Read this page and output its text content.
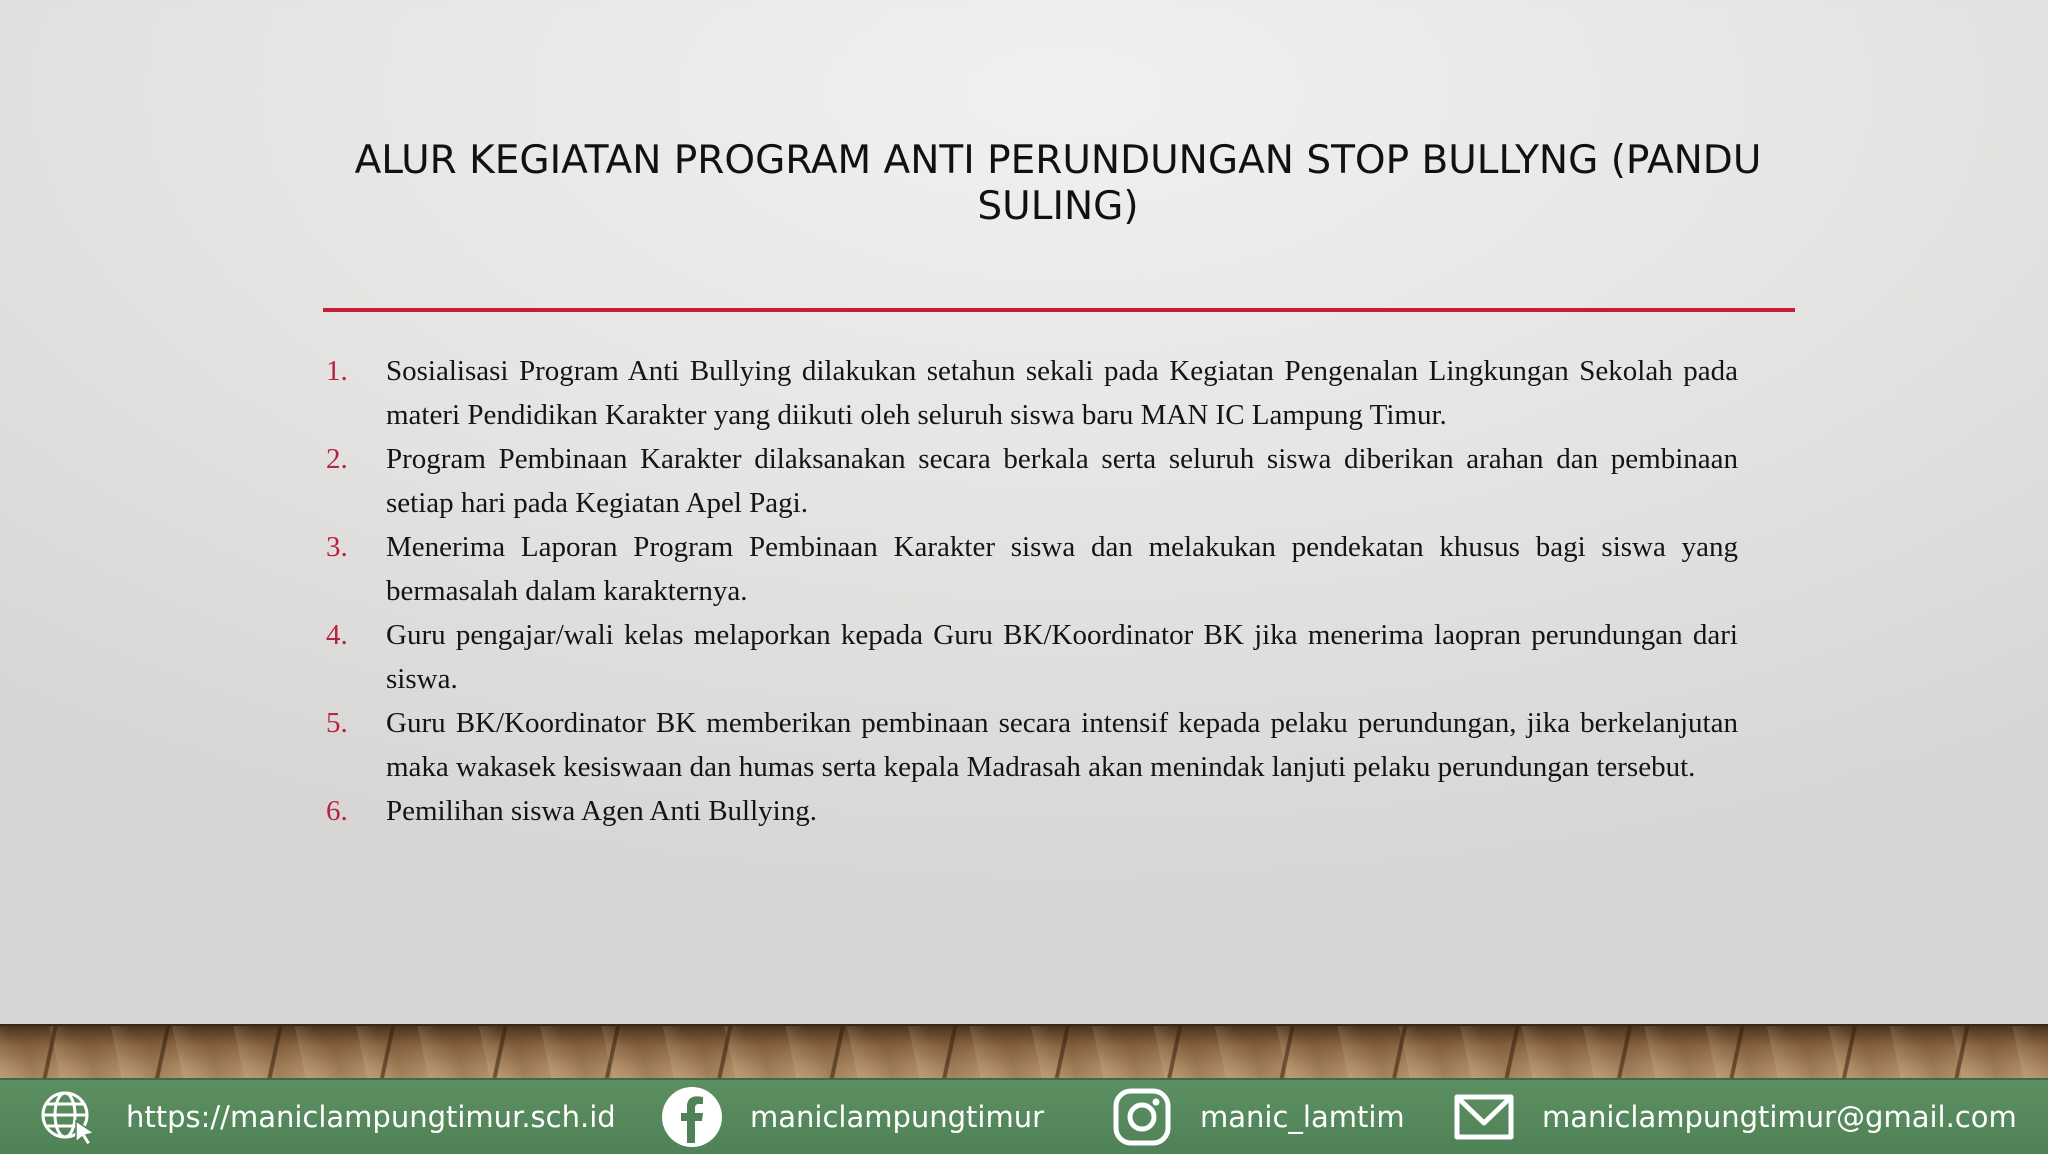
ALUR KEGIATAN PROGRAM ANTI PERUNDUNGAN STOP BULLYNG (PANDU
SULING)
1.	Sosialisasi Program Anti Bullying dilakukan setahun sekali pada Kegiatan Pengenalan Lingkungan Sekolah pada materi Pendidikan Karakter yang diikuti oleh seluruh siswa baru MAN IC Lampung Timur.
2.	Program Pembinaan Karakter dilaksanakan secara berkala serta seluruh siswa diberikan arahan dan pembinaan setiap hari pada Kegiatan Apel Pagi.
3.	Menerima Laporan Program Pembinaan Karakter siswa dan melakukan pendekatan khusus bagi siswa yang bermasalah dalam karakternya.
4.	Guru pengajar/wali kelas melaporkan kepada Guru BK/Koordinator BK jika menerima laopran perundungan dari siswa.
5.	Guru BK/Koordinator BK memberikan pembinaan secara intensif kepada pelaku perundungan, jika berkelanjutan maka wakasek kesiswaan dan humas serta kepala Madrasah akan menindak lanjuti pelaku perundungan tersebut.
6.	Pemilihan siswa Agen Anti Bullying.
https://maniclampungtimur.sch.id	maniclampungtimur	manic_lamtim	maniclampungtimur@gmail.com
